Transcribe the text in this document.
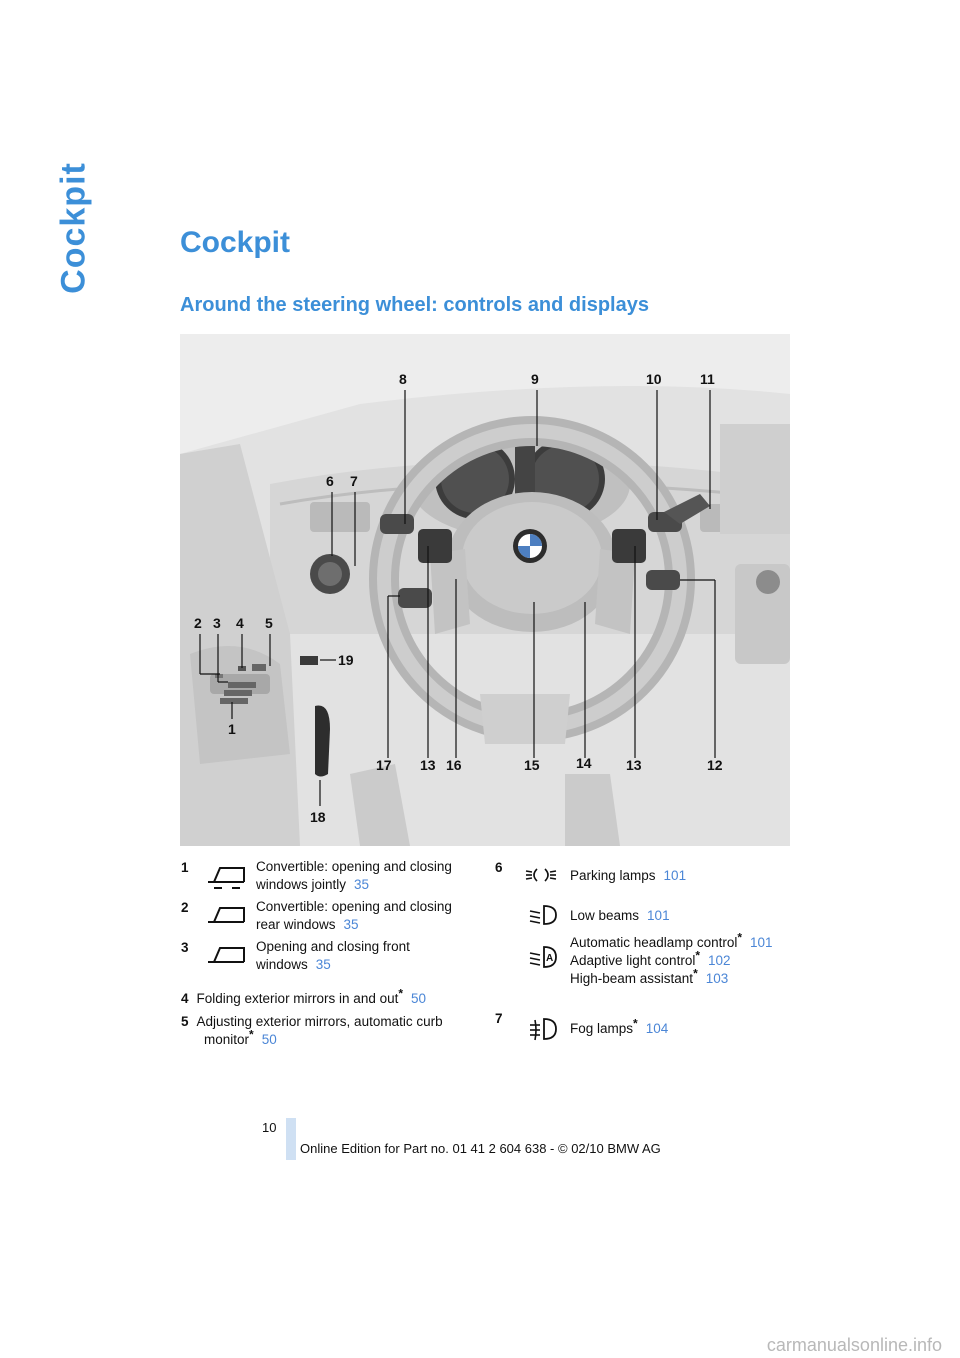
Cockpit	Cockpit
Around the steering wheel: controls and displays
8	9	10	11
6 7
2 3 4 5
19
1
17 13 16	15	14 13	12
18
1	Convertible: opening and closing
windows jointly 35
2	Convertible: opening and closing
rear windows 35
3	Opening and closing front
windows 35
4 Folding exterior mirrors in and out* 50
5 Adjusting exterior mirrors, automatic curb
monitor* 50
6
Parking lamps 101
Low beams 101
A
Automatic headlamp control* 101
Adaptive light control* 102
High-beam assistant* 103
7
Fog lamps* 104
10
Online Edition for Part no. 01 41 2 604 638 - © 02/10 BMW AG
carmanualsonline.info
